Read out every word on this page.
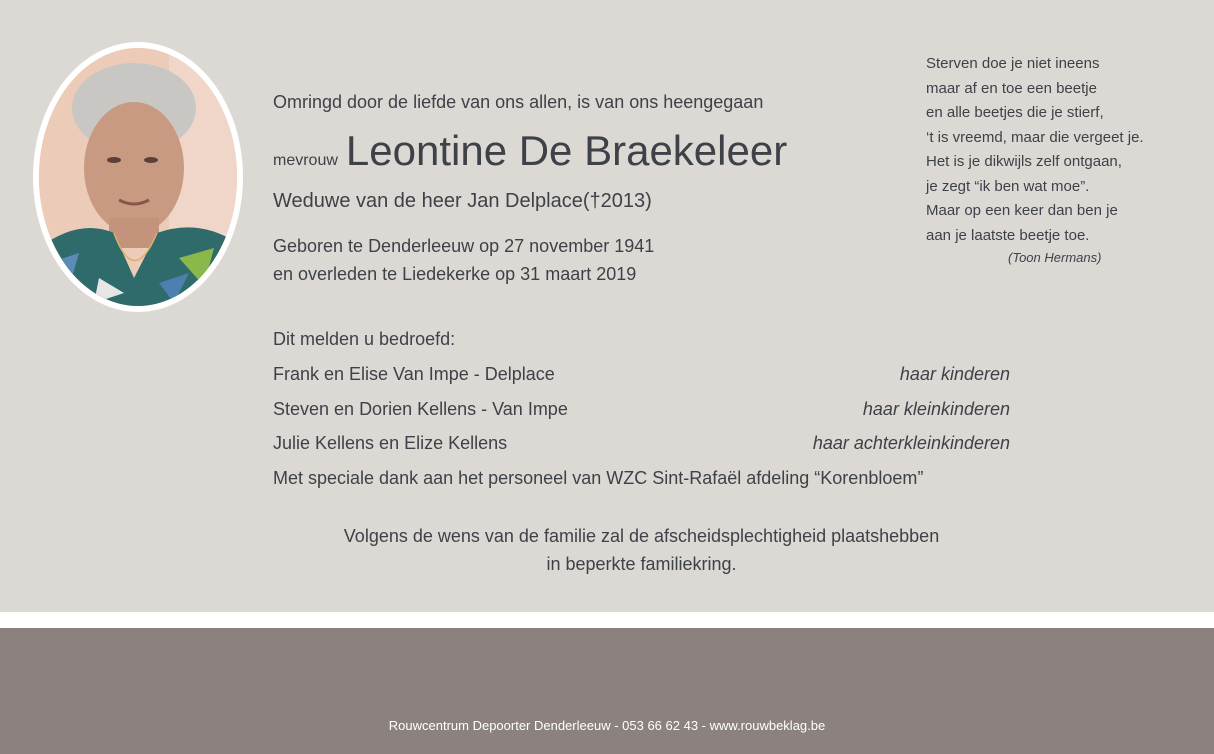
Omringd door de liefde van ons allen, is van ons heengegaan
mevrouw Leontine De Braekeleer
Weduwe van de heer Jan Delplace(†2013)
Geboren te Denderleeuw op 27 november 1941
en overleden te Liedekerke op 31 maart 2019
Sterven doe je niet ineens
maar af en toe een beetje
en alle beetjes die je stierf,
‘t is vreemd, maar die vergeet je.
Het is je dikwijls zelf ontgaan,
je zegt “ik ben wat moe”.
Maar op een keer dan ben je
aan je laatste beetje toe.
(Toon Hermans)
Dit melden u bedroefd:
Frank en Elise Van Impe - Delplace	haar kinderen
Steven en Dorien Kellens - Van Impe	haar kleinkinderen
Julie Kellens en Elize Kellens	haar achterkleinkinderen
Met speciale dank aan het personeel van WZC Sint-Rafaël afdeling “Korenbloem”
Volgens de wens van de familie zal de afscheidsplechtigheid plaatshebben
in beperkte familiekring.
Rouwcentrum Depoorter Denderleeuw - 053 66 62 43 - www.rouwbeklag.be
